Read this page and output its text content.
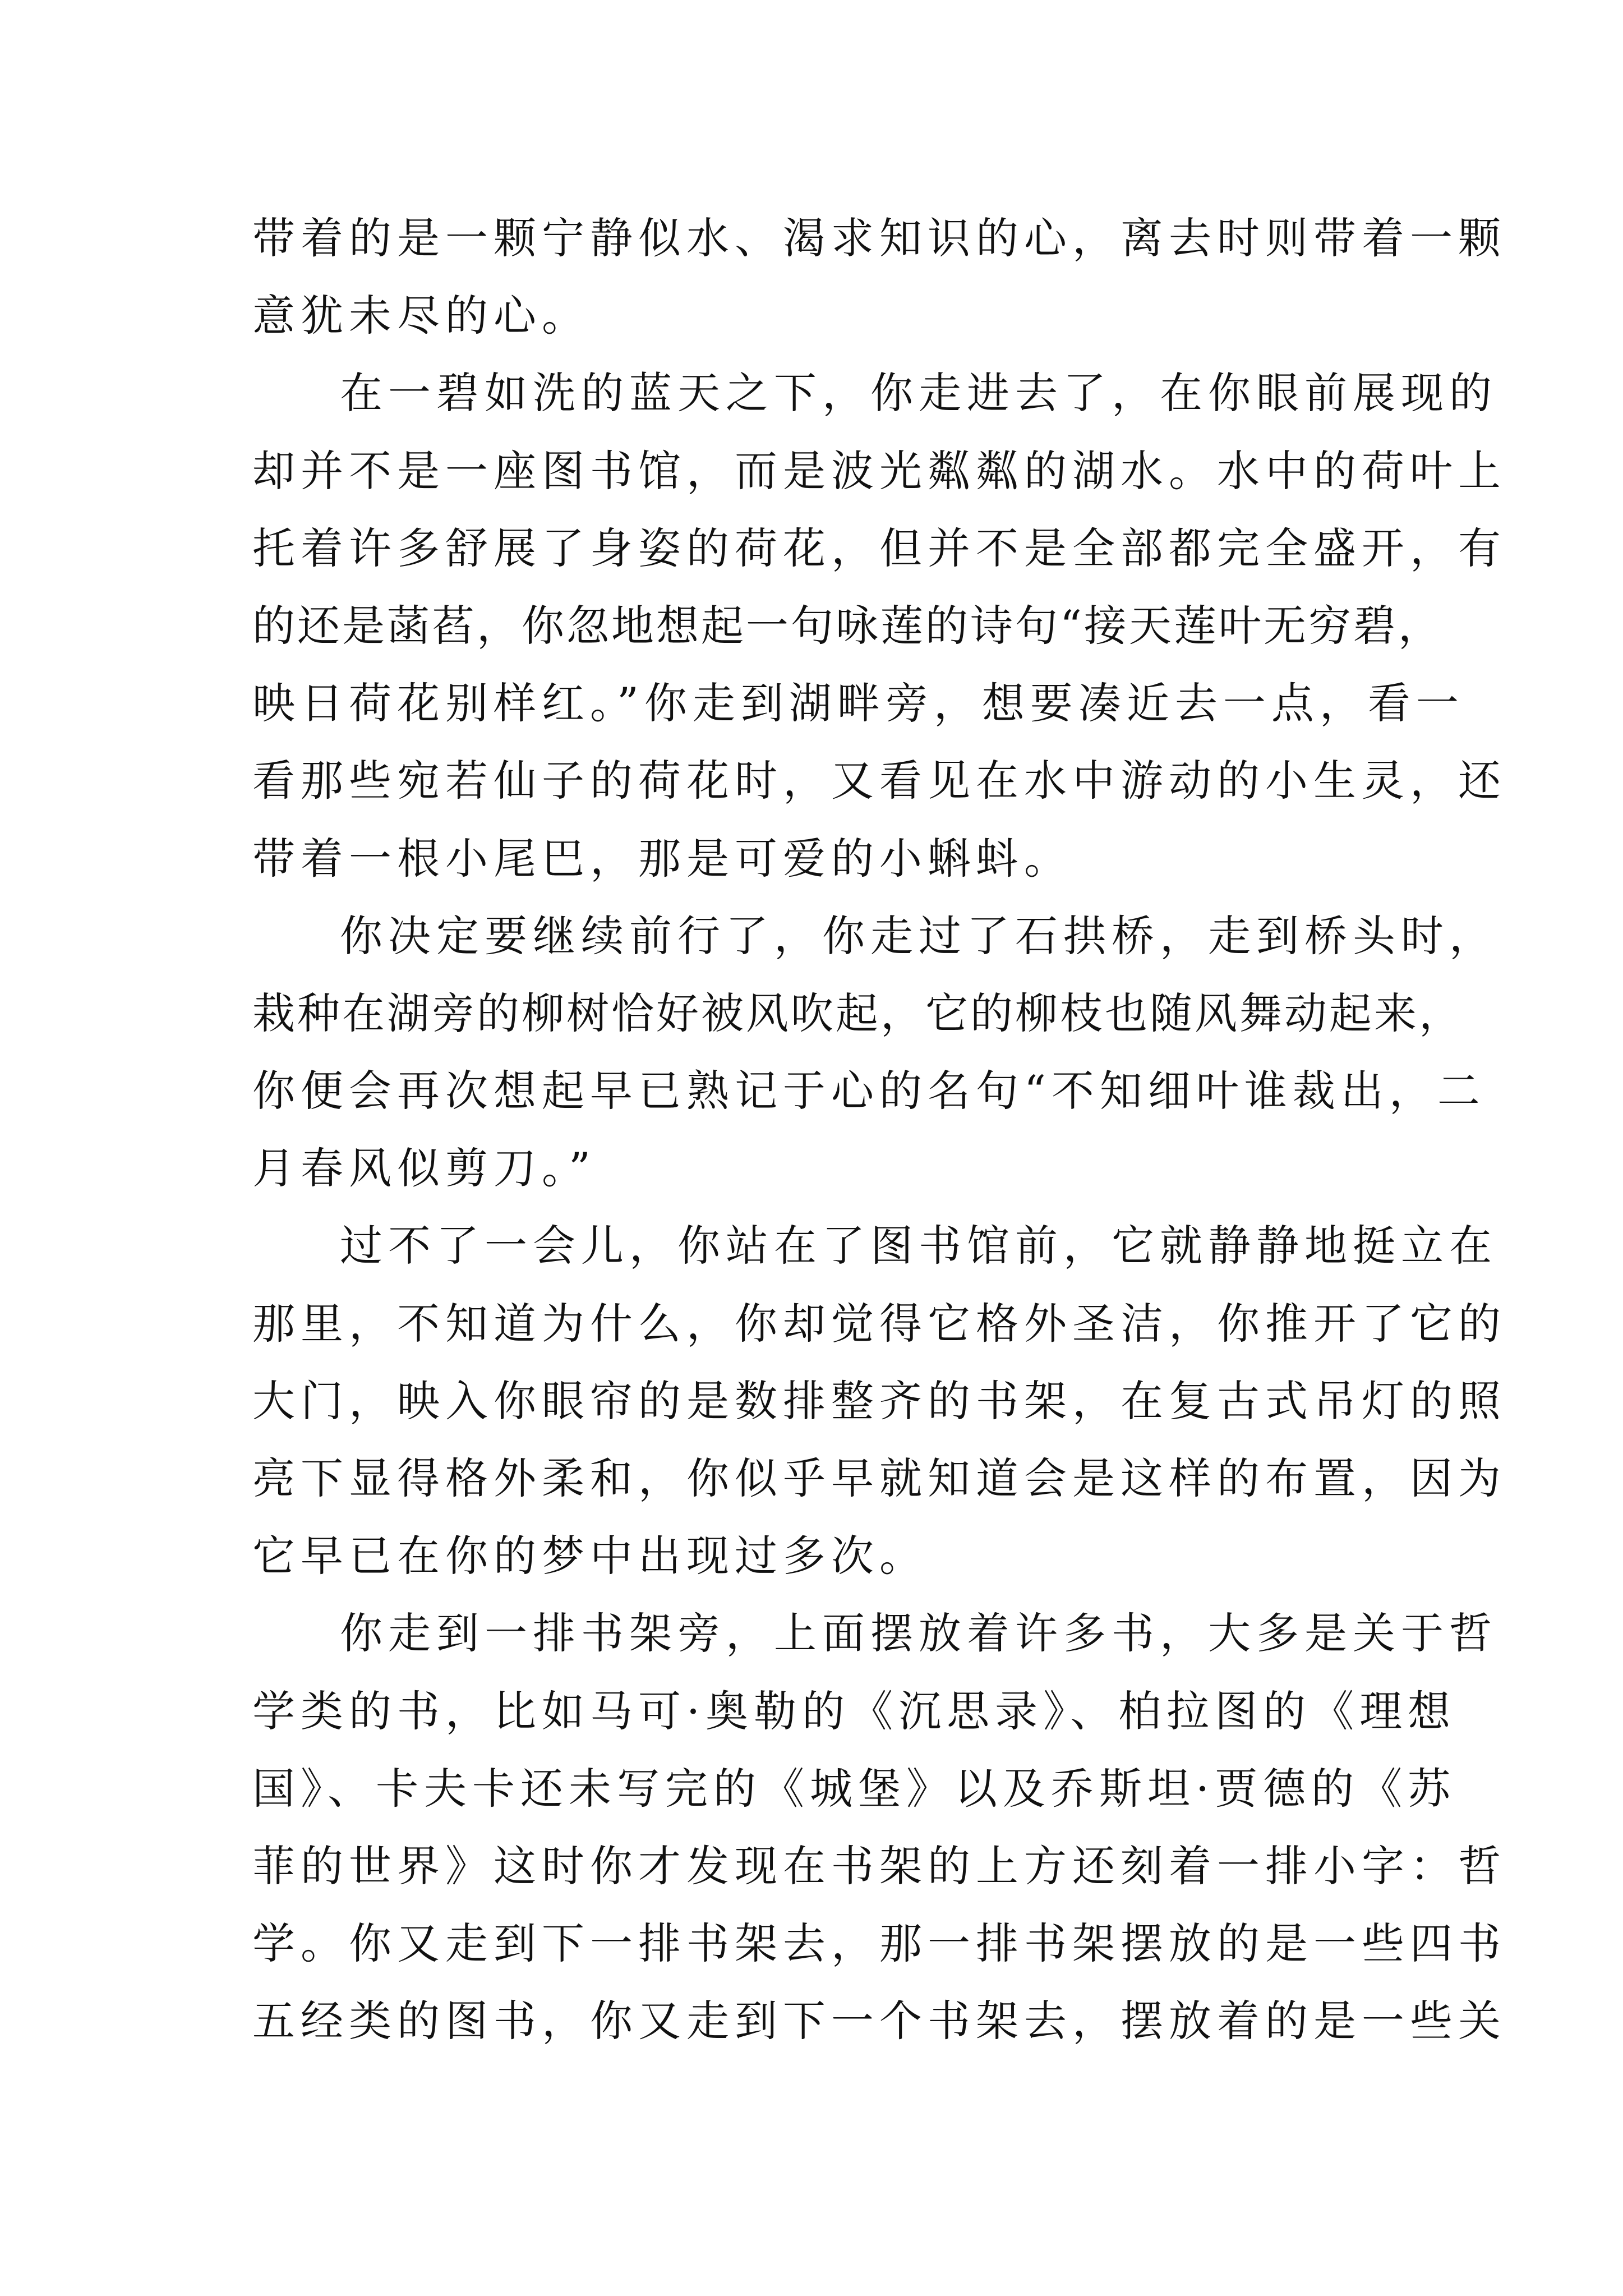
带着的是一颗宁静似水、渴求知识的心，离去时则带着一颗
意犹未尽的心。
在一碧如洗的蓝天之下，你走进去了，在你眼前展现的
却并不是一座图书馆，而是波光粼粼的湖水。水中的荷叶上
托着许多舒展了身姿的荷花，但并不是全部都完全盛开，有
的还是菡萏，你忽地想起一句咏莲的诗句“接天莲叶无穷碧，
映日荷花别样红。”你走到湖畔旁，想要凑近去一点，看一
看那些宛若仙子的荷花时，又看见在水中游动的小生灵，还
带着一根小尾巴，那是可爱的小蝌蚪。
你决定要继续前行了，你走过了石拱桥，走到桥头时，
栽种在湖旁的柳树恰好被风吹起，它的柳枝也随风舞动起来，
你便会再次想起早已熟记于心的名句“不知细叶谁裁出，二
月春风似剪刀。”
过不了一会儿，你站在了图书馆前，它就静静地挺立在
那里，不知道为什么，你却觉得它格外圣洁，你推开了它的
大门，映入你眼帘的是数排整齐的书架，在复古式吊灯的照
亮下显得格外柔和，你似乎早就知道会是这样的布置，因为
它早已在你的梦中出现过多次。
你走到一排书架旁，上面摆放着许多书，大多是关于哲
学类的书，比如马可·奥勒的《沉思录》、柏拉图的《理想
国》、卡夫卡还未写完的《城堡》以及乔斯坦·贾德的《苏
菲的世界》这时你才发现在书架的上方还刻着一排小字：哲
学。你又走到下一排书架去，那一排书架摆放的是一些四书
五经类的图书，你又走到下一个书架去，摆放着的是一些关
